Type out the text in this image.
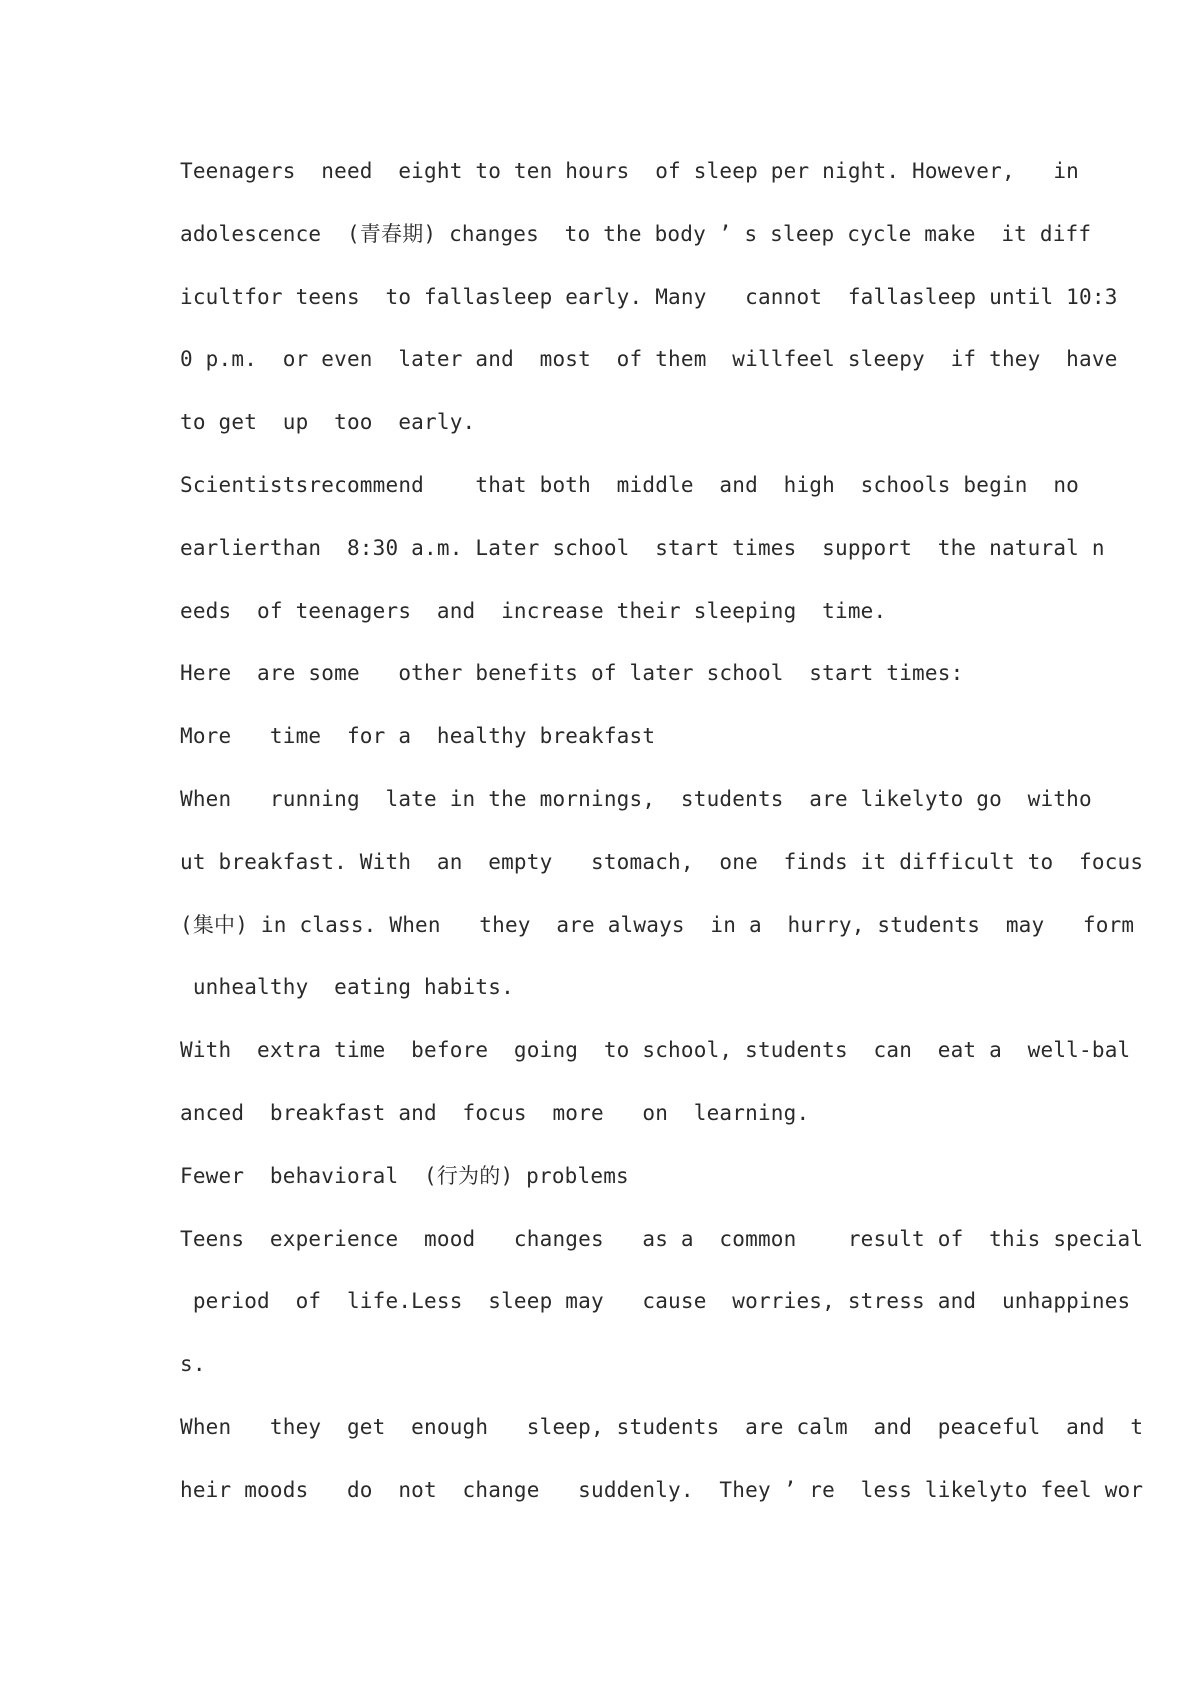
Teenagers  need  eight to ten hours  of sleep per night. However,   in
adolescence  (青春期) changes  to the body ’ s sleep cycle make  it diff
icultfor teens  to fallasleep early. Many   cannot  fallasleep until 10:3
0 p.m.  or even  later and  most  of them  willfeel sleepy  if they  have
to get  up  too  early.
Scientistsrecommend    that both  middle  and  high  schools begin  no
earlierthan  8:30 a.m. Later school  start times  support  the natural n
eeds  of teenagers  and  increase their sleeping  time.
Here  are some   other benefits of later school  start times:
More   time  for a  healthy breakfast
When   running  late in the mornings,  students  are likelyto go  witho
ut breakfast. With  an  empty   stomach,  one  finds it difficult to  focus
(集中) in class. When   they  are always  in a  hurry, students  may   form
unhealthy  eating habits.
With  extra time  before  going  to school, students  can  eat a  well-bal
anced  breakfast and  focus  more   on  learning.
Fewer  behavioral  (行为的) problems
Teens  experience  mood   changes   as a  common    result of  this special
period  of  life.Less  sleep may   cause  worries, stress and  unhappines
s.
When   they  get  enough   sleep, students  are calm  and  peaceful  and  t
heir moods   do  not  change   suddenly.  They ’ re  less likelyto feel wor
